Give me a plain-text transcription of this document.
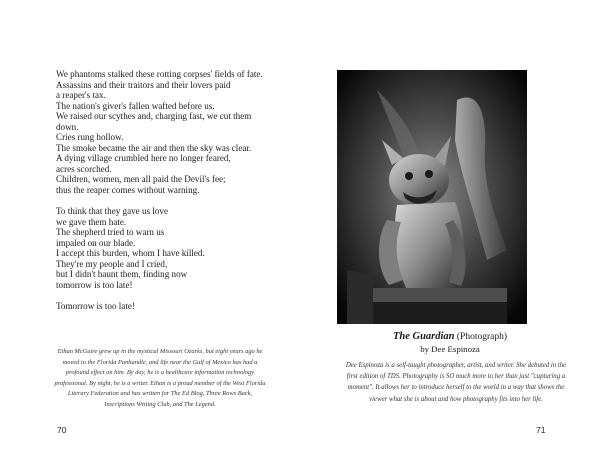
We phantoms stalked these rotting corpses' fields of fate.
Assassins and their traitors and their lovers paid
a reaper's tax.
The nation's giver's fallen wafted before us.
We raised our scythes and, charging fast, we cut them
down.
Cries rung hollow.
The smoke became the air and then the sky was clear.
A dying village crumbled here no longer feared,
acres scorched.
Children, women, men all paid the Devil's fee;
thus the reaper comes without warning.
To think that they gave us love
we gave them hate.
The shepherd tried to warn us
impaled on our blade.
I accept this burden, whom I have killed.
They're my people and I cried,
but I didn't haunt them, finding now
tomorrow is too late!
Tomorrow is too late!
Ethan McGuire grew up in the mystical Missouri Ozarks, but eight years ago he moved to the Florida Panhandle, and life near the Gulf of Mexico has had a profound effect on him. By day, he is a healthcare information technology professional. By night, he is a writer. Ethan is a proud member of the West Florida Literary Federation and has written for The Ed Blog, Three Rows Back, Inscriptions Writing Club, and The Legend.
70
The Guardian (Photograph)
by Dee Espinoza
Dee Espinoza is a self-taught photographer, artist, and writer. She debuted in the first edition of TDS. Photography is SO much more to her than just "capturing a moment". It allows her to introduce herself to the world in a way that shows the viewer what she is about and how photography fits into her life.
71
